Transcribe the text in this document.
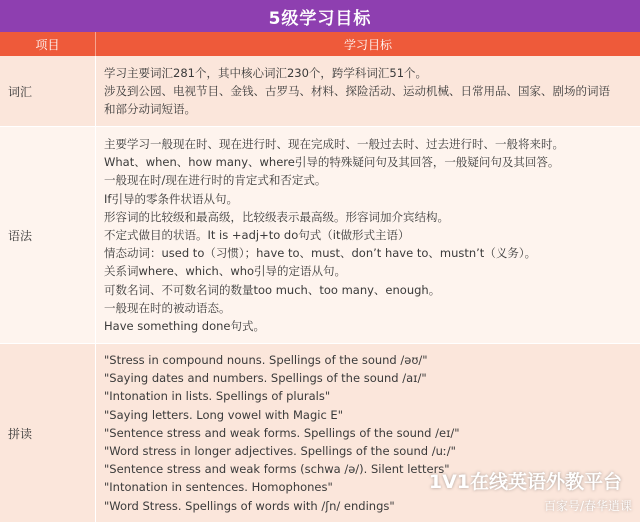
5级学习目标
项目	学习目标
词汇
学习主要词汇281个，其中核心词汇230个，跨学科词汇51个。
涉及到公园、电视节目、金钱、古罗马、材料、探险活动、运动机械、日常用品、国家、剧场的词语
和部分动词短语。
语法
主要学习一般现在时、现在进行时、现在完成时、一般过去时、过去进行时、一般将来时。
What、when、how many、where引导的特殊疑问句及其回答，一般疑问句及其回答。
一般现在时/现在进行时的肯定式和否定式。
If引导的零条件状语从句。
形容词的比较级和最高级，比较级表示最高级。形容词加介宾结构。
不定式做目的状语。It is +adj+to do句式（it做形式主语）
情态动词：used to（习惯）；have to、must、don’t have to、mustn’t（义务）。
关系词where、which、who引导的定语从句。
可数名词、不可数名词的数量too much、too many、enough。
一般现在时的被动语态。
Have something done句式。
拼读
"Stress in compound nouns. Spellings of the sound /əʊ/"
"Saying dates and numbers. Spellings of the sound /aɪ/"
"Intonation in lists. Spellings of plurals"
"Saying letters. Long vowel with Magic E"
"Sentence stress and weak forms. Spellings of the sound /eɪ/"
"Word stress in longer adjectives. Spellings of the sound /uː/"
"Sentence stress and weak forms (schwa /ə/). Silent letters"
"Intonation in sentences. Homophones"
"Word Stress. Spellings of words with /ʃn/ endings"
1V1在线英语外教平台
百家号/春华逍课
